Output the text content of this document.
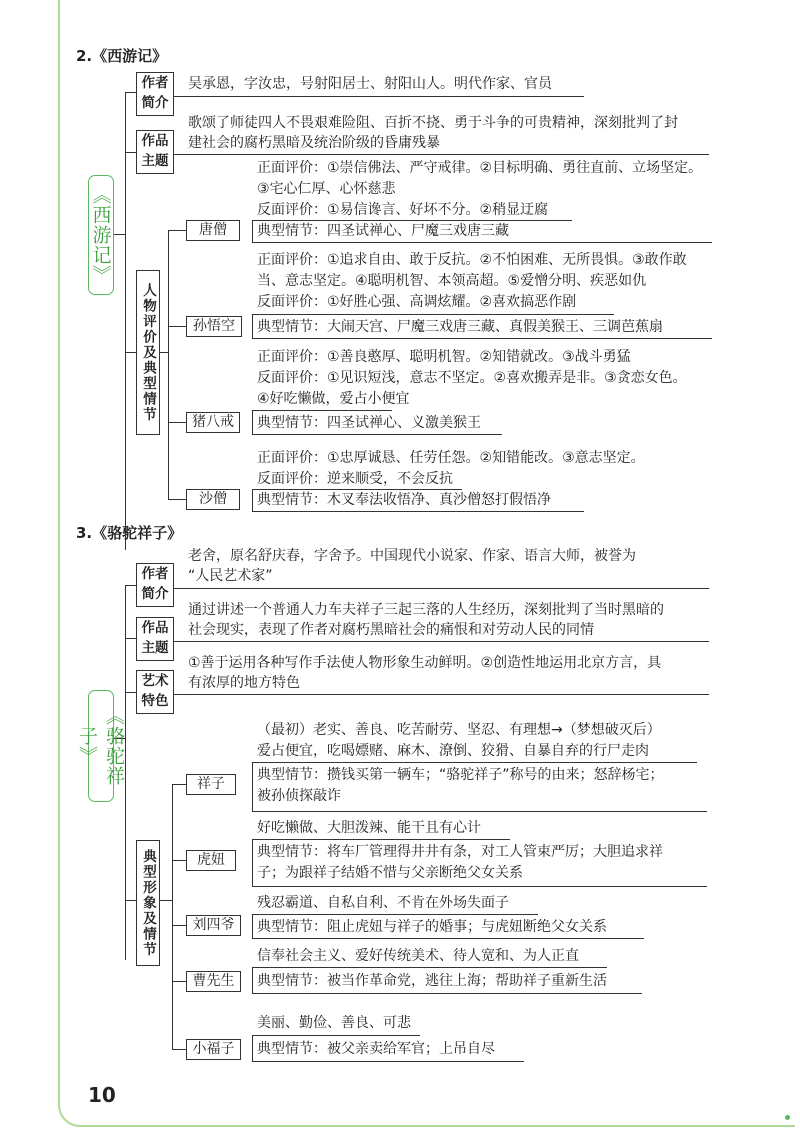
2.《西游记》
《西游记》
作者简介
吴承恩，字汝忠，号射阳居士、射阳山人。明代作家、官员
作品主题
歌颂了师徒四人不畏艰难险阻、百折不挠、勇于斗争的可贵精神，深刻批判了封
建社会的腐朽黑暗及统治阶级的昏庸残暴
人物评价及典型情节
正面评价：①崇信佛法、严守戒律。②目标明确、勇往直前、立场坚定。
③宅心仁厚、心怀慈悲
反面评价：①易信谗言、好坏不分。②稍显迂腐
唐僧	典型情节：四圣试禅心、尸魔三戏唐三藏
正面评价：①追求自由、敢于反抗。②不怕困难、无所畏惧。③敢作敢
当、意志坚定。④聪明机智、本领高超。⑤爱憎分明、疾恶如仇
反面评价：①好胜心强、高调炫耀。②喜欢搞恶作剧
孙悟空	典型情节：大闹天宫、尸魔三戏唐三藏、真假美猴王、三调芭蕉扇
正面评价：①善良憨厚、聪明机智。②知错就改。③战斗勇猛
反面评价：①见识短浅，意志不坚定。②喜欢搬弄是非。③贪恋女色。
④好吃懒做，爱占小便宜
猪八戒	典型情节：四圣试禅心、义激美猴王
正面评价：①忠厚诚恳、任劳任怨。②知错能改。③意志坚定。
反面评价：逆来顺受，不会反抗
沙僧	典型情节：木叉奉法收悟净、真沙僧怒打假悟净
3.《骆驼祥子》
《骆驼祥子》
作者简介
老舍，原名舒庆春，字舍予。中国现代小说家、作家、语言大师，被誉为
“人民艺术家”
作品主题
通过讲述一个普通人力车夫祥子三起三落的人生经历，深刻批判了当时黑暗的
社会现实，表现了作者对腐朽黑暗社会的痛恨和对劳动人民的同情
艺术特色
①善于运用各种写作手法使人物形象生动鲜明。②创造性地运用北京方言，具
有浓厚的地方特色
典型形象及情节
（最初）老实、善良、吃苦耐劳、坚忍、有理想→（梦想破灭后）
爱占便宜，吃喝嫖赌、麻木、潦倒、狡猾、自暴自弃的行尸走肉
祥子
典型情节：攒钱买第一辆车；“骆驼祥子”称号的由来；怒辞杨宅；
被孙侦探敲诈
好吃懒做、大胆泼辣、能干且有心计
虎妞	典型情节：将车厂管理得井井有条，对工人管束严厉；大胆追求祥
子；为跟祥子结婚不惜与父亲断绝父女关系
残忍霸道、自私自利、不肯在外场失面子
刘四爷	典型情节：阻止虎妞与祥子的婚事；与虎妞断绝父女关系
信奉社会主义、爱好传统美术、待人宽和、为人正直
曹先生	典型情节：被当作革命党，逃往上海；帮助祥子重新生活
美丽、勤俭、善良、可悲
小福子	典型情节：被父亲卖给军官；上吊自尽
10
